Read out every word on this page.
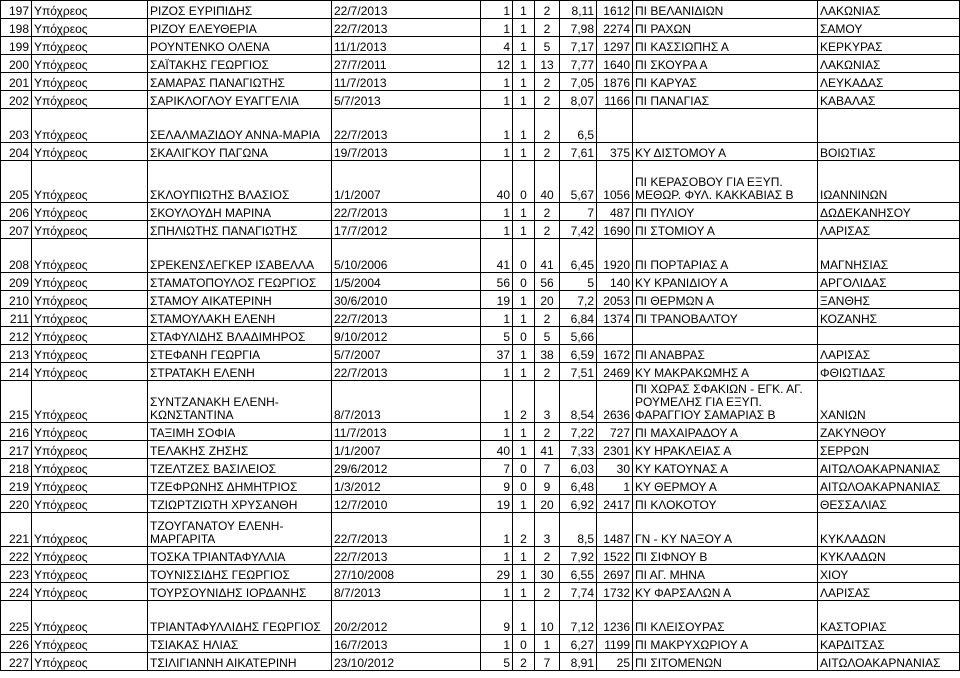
197	Υπόχρεος	ΡΙΖΟΣ ΕΥΡΙΠΙΔΗΣ	22/7/2013	1	1	2	8,11	1612	ΠΙ ΒΕΛΑΝΙΔΙΩΝ	ΛΑΚΩΝΙΑΣ
198	Υπόχρεος	ΡΙΖΟΥ ΕΛΕΥΘΕΡΙΑ	22/7/2013	1	1	2	7,98	2274	ΠΙ ΡΑΧΩΝ	ΣΑΜΟΥ
199	Υπόχρεος	ΡΟΥΝΤΕΝΚΟ ΟΛΕΝΑ	11/1/2013	4	1	5	7,17	1297	ΠΙ ΚΑΣΣΙΩΠΗΣ Α	ΚΕΡΚΥΡΑΣ
200	Υπόχρεος	ΣΑΪΤΑΚΗΣ ΓΕΩΡΓΙΟΣ	27/7/2011	12	1	13	7,77	1640	ΠΙ ΣΚΟΥΡΑ Α	ΛΑΚΩΝΙΑΣ
201	Υπόχρεος	ΣΑΜΑΡΑΣ ΠΑΝΑΓΙΩΤΗΣ	11/7/2013	1	1	2	7,05	1876	ΠΙ ΚΑΡΥΑΣ	ΛΕΥΚΑΔΑΣ
202	Υπόχρεος	ΣΑΡΙΚΛΟΓΛΟΥ ΕΥΑΓΓΕΛΙΑ	5/7/2013	1	1	2	8,07	1166	ΠΙ ΠΑΝΑΓΙΑΣ	ΚΑΒΑΛΑΣ
203	Υπόχρεος	ΣΕΛΑΛΜΑΖΙΔΟΥ ΑΝΝΑ-ΜΑΡΙΑ	22/7/2013	1	1	2	6,5			
204	Υπόχρεος	ΣΚΑΛΙΓΚΟΥ ΠΑΓΩΝΑ	19/7/2013	1	1	2	7,61	375	ΚΥ ΔΙΣΤΟΜΟΥ Α	ΒΟΙΩΤΙΑΣ
205	Υπόχρεος	ΣΚΛΟΥΠΙΩΤΗΣ ΒΛΑΣΙΟΣ	1/1/2007	40	0	40	5,67	1056	ΠΙ ΚΕΡΑΣΟΒΟΥ ΓΙΑ ΕΞΥΠ. ΜΕΘΩΡ. ΦΥΛ. ΚΑΚΚΑΒΙΑΣ Β	ΙΩΑΝΝΙΝΩΝ
206	Υπόχρεος	ΣΚΟΥΛΟΥΔΗ ΜΑΡΙΝΑ	22/7/2013	1	1	2	7	487	ΠΙ ΠΥΛΙΟΥ	ΔΩΔΕΚΑΝΗΣΟΥ
207	Υπόχρεος	ΣΠΗΛΙΩΤΗΣ ΠΑΝΑΓΙΩΤΗΣ	17/7/2012	1	1	2	7,42	1690	ΠΙ ΣΤΟΜΙΟΥ Α	ΛΑΡΙΣΑΣ
208	Υπόχρεος	ΣΡΕΚΕΝΣΛΕΓΚΕΡ ΙΣΑΒΕΛΛΑ	5/10/2006	41	0	41	6,45	1920	ΠΙ ΠΟΡΤΑΡΙΑΣ Α	ΜΑΓΝΗΣΙΑΣ
209	Υπόχρεος	ΣΤΑΜΑΤΟΠΟΥΛΟΣ ΓΕΩΡΓΙΟΣ	1/5/2004	56	0	56	5	140	ΚΥ ΚΡΑΝΙΔΙΟΥ Α	ΑΡΓΟΛΙΔΑΣ
210	Υπόχρεος	ΣΤΑΜΟΥ ΑΙΚΑΤΕΡΙΝΗ	30/6/2010	19	1	20	7,2	2053	ΠΙ ΘΕΡΜΩΝ Α	ΞΑΝΘΗΣ
211	Υπόχρεος	ΣΤΑΜΟΥΛΑΚΗ ΕΛΕΝΗ	22/7/2013	1	1	2	6,84	1374	ΠΙ ΤΡΑΝΟΒΑΛΤΟΥ	ΚΟΖΑΝΗΣ
212	Υπόχρεος	ΣΤΑΦΥΛΙΔΗΣ ΒΛΑΔΙΜΗΡΟΣ	9/10/2012	5	0	5	5,66			
213	Υπόχρεος	ΣΤΕΦΑΝΗ ΓΕΩΡΓΙΑ	5/7/2007	37	1	38	6,59	1672	ΠΙ ΑΝΑΒΡΑΣ	ΛΑΡΙΣΑΣ
214	Υπόχρεος	ΣΤΡΑΤΑΚΗ ΕΛΕΝΗ	22/7/2013	1	1	2	7,51	2469	ΚΥ ΜΑΚΡΑΚΩΜΗΣ Α	ΦΘΙΩΤΙΔΑΣ
215	Υπόχρεος	ΣΥΝΤΖΑΝΑΚΗ ΕΛΕΝΗ-ΚΩΝΣΤΑΝΤΙΝΑ	8/7/2013	1	2	3	8,54	2636	ΠΙ ΧΩΡΑΣ ΣΦΑΚΙΩΝ - ΕΓΚ. ΑΓ. ΡΟΥΜΕΛΗΣ ΓΙΑ ΕΞΥΠ. ΦΑΡΑΓΓΙΟΥ ΣΑΜΑΡΙΑΣ Β	ΧΑΝΙΩΝ
216	Υπόχρεος	ΤΑΞΙΜΗ ΣΟΦΙΑ	11/7/2013	1	1	2	7,22	727	ΠΙ ΜΑΧΑΙΡΑΔΟΥ Α	ΖΑΚΥΝΘΟΥ
217	Υπόχρεος	ΤΕΛΑΚΗΣ ΖΗΣΗΣ	1/1/2007	40	1	41	7,33	2301	ΚΥ ΗΡΑΚΛΕΙΑΣ Α	ΣΕΡΡΩΝ
218	Υπόχρεος	ΤΖΕΛΤΖΕΣ ΒΑΣΙΛΕΙΟΣ	29/6/2012	7	0	7	6,03	30	ΚΥ ΚΑΤΟΥΝΑΣ Α	ΑΙΤΩΛΟΑΚΑΡΝΑΝΙΑΣ
219	Υπόχρεος	ΤΖΕΦΡΩΝΗΣ ΔΗΜΗΤΡΙΟΣ	1/3/2012	9	0	9	6,48	1	ΚΥ ΘΕΡΜΟΥ Α	ΑΙΤΩΛΟΑΚΑΡΝΑΝΙΑΣ
220	Υπόχρεος	ΤΖΙΩΡΤΖΙΩΤΗ ΧΡΥΣΑΝΘΗ	12/7/2010	19	1	20	6,92	2417	ΠΙ ΚΛΟΚΟΤΟΥ	ΘΕΣΣΑΛΙΑΣ
221	Υπόχρεος	ΤΖΟΥΓΑΝΑΤΟΥ ΕΛΕΝΗ-ΜΑΡΓΑΡΙΤΑ	22/7/2013	1	2	3	8,5	1487	ΓΝ - ΚΥ ΝΑΞΟΥ Α	ΚΥΚΛΑΔΩΝ
222	Υπόχρεος	ΤΟΣΚΑ ΤΡΙΑΝΤΑΦΥΛΛΙΑ	22/7/2013	1	1	2	7,92	1522	ΠΙ ΣΙΦΝΟΥ Β	ΚΥΚΛΑΔΩΝ
223	Υπόχρεος	ΤΟΥΝΙΣΣΙΔΗΣ ΓΕΩΡΓΙΟΣ	27/10/2008	29	1	30	6,55	2697	ΠΙ ΑΓ. ΜΗΝΑ	ΧΙΟΥ
224	Υπόχρεος	ΤΟΥΡΣΟΥΝΙΔΗΣ ΙΟΡΔΑΝΗΣ	8/7/2013	1	1	2	7,74	1732	ΚΥ ΦΑΡΣΑΛΩΝ Α	ΛΑΡΙΣΑΣ
225	Υπόχρεος	ΤΡΙΑΝΤΑΦΥΛΛΙΔΗΣ ΓΕΩΡΓΙΟΣ	20/2/2012	9	1	10	7,12	1236	ΠΙ ΚΛΕΙΣΟΥΡΑΣ	ΚΑΣΤΟΡΙΑΣ
226	Υπόχρεος	ΤΣΙΑΚΑΣ ΗΛΙΑΣ	16/7/2013	1	0	1	6,27	1199	ΠΙ ΜΑΚΡΥΧΩΡΙΟΥ Α	ΚΑΡΔΙΤΣΑΣ
227	Υπόχρεος	ΤΣΙΛΙΓΙΑΝΝΗ ΑΙΚΑΤΕΡΙΝΗ	23/10/2012	5	2	7	8,91	25	ΠΙ ΣΙΤΟΜΕΝΩΝ	ΑΙΤΩΛΟΑΚΑΡΝΑΝΙΑΣ
